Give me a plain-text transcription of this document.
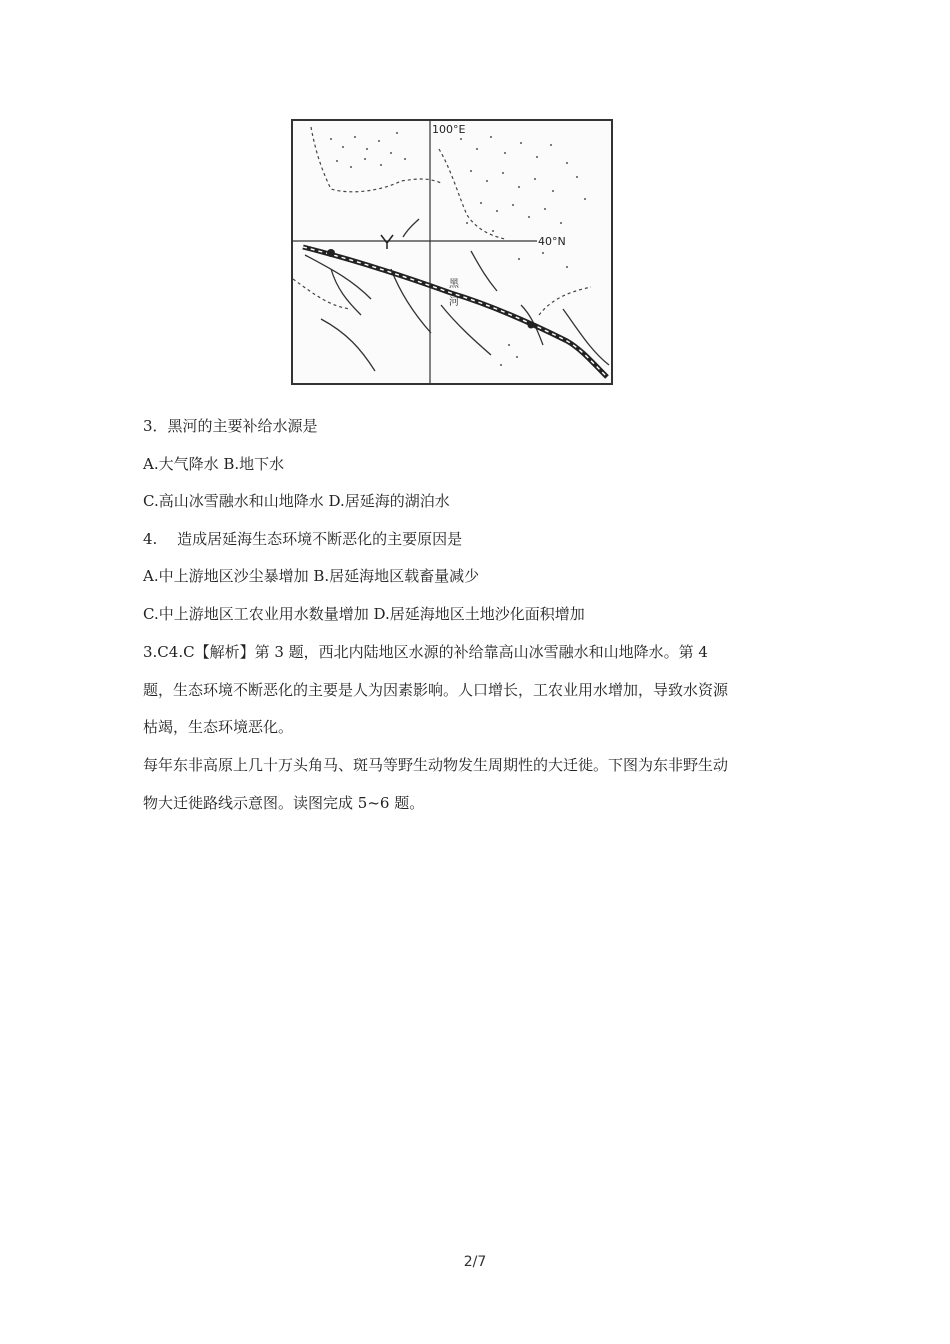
100°E
40°N
黑
河
3．黑河的主要补给水源是
A.大气降水 B.地下水
C.高山冰雪融水和山地降水 D.居延海的湖泊水
4.　 造成居延海生态环境不断恶化的主要原因是
A.中上游地区沙尘暴增加 B.居延海地区载畜量减少
C.中上游地区工农业用水数量增加 D.居延海地区土地沙化面积增加
3.C4.C【解析】第 3 题，西北内陆地区水源的补给靠高山冰雪融水和山地降水。第 4
题，生态环境不断恶化的主要是人为因素影响。人口增长，工农业用水增加，导致水资源
枯竭，生态环境恶化。
每年东非高原上几十万头角马、斑马等野生动物发生周期性的大迁徙。下图为东非野生动
物大迁徙路线示意图。读图完成 5~6 题。
2/7
